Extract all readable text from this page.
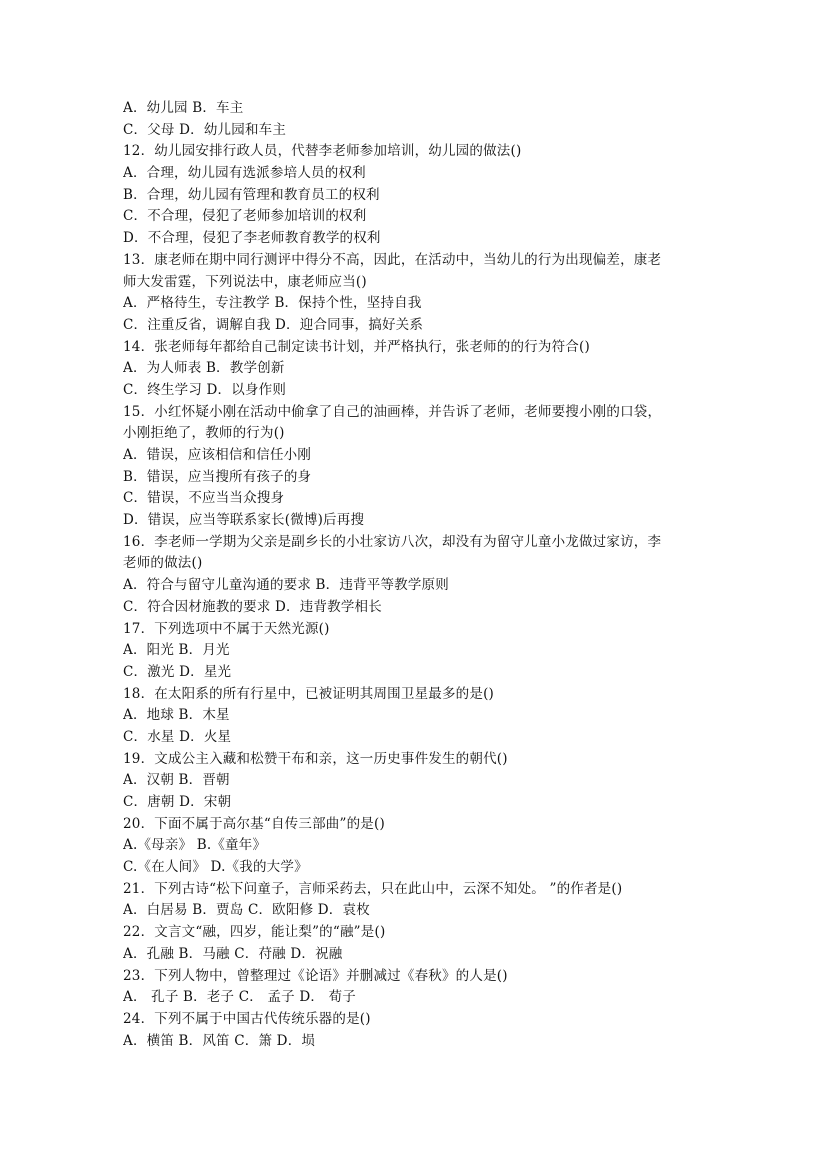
A．幼儿园 B．车主
C．父母 D．幼儿园和车主
12．幼儿园安排行政人员，代替李老师参加培训，幼儿园的做法()
A．合理，幼儿园有选派参培人员的权利
B．合理，幼儿园有管理和教育员工的权利
C．不合理，侵犯了老师参加培训的权利
D．不合理，侵犯了李老师教育教学的权利
13．康老师在期中同行测评中得分不高，因此，在活动中，当幼儿的行为出现偏差，康老
师大发雷霆，下列说法中，康老师应当()
A．严格待生，专注教学 B．保持个性，坚持自我
C．注重反省，调解自我 D．迎合同事，搞好关系
14．张老师每年都给自己制定读书计划，并严格执行，张老师的的行为符合()
A．为人师表 B．教学创新
C．终生学习 D．以身作则
15．小红怀疑小刚在活动中偷拿了自己的油画棒，并告诉了老师，老师要搜小刚的口袋，
小刚拒绝了，教师的行为()
A．错误，应该相信和信任小刚
B．错误，应当搜所有孩子的身
C．错误，不应当当众搜身
D．错误，应当等联系家长(微博)后再搜
16．李老师一学期为父亲是副乡长的小壮家访八次，却没有为留守儿童小龙做过家访，李
老师的做法()
A．符合与留守儿童沟通的要求 B．违背平等教学原则
C．符合因材施教的要求 D．违背教学相长
17．下列选项中不属于天然光源()
A．阳光 B．月光
C．激光 D．星光
18．在太阳系的所有行星中，已被证明其周围卫星最多的是()
A．地球 B．木星
C．水星 D．火星
19．文成公主入藏和松赞干布和亲，这一历史事件发生的朝代()
A．汉朝 B．晋朝
C．唐朝 D．宋朝
20．下面不属于高尔基“自传三部曲”的是()
A.《母亲》 B.《童年》
C.《在人间》 D.《我的大学》
21．下列古诗“松下问童子，言师采药去，只在此山中，云深不知处。 ”的作者是()
A．白居易 B．贾岛 C．欧阳修 D．袁枚
22．文言文“融，四岁，能让梨”的“融”是()
A．孔融 B．马融 C．苻融 D．祝融
23．下列人物中，曾整理过《论语》并删减过《春秋》的人是()
A． 孔子 B．老子 C． 孟子 D． 荀子
24．下列不属于中国古代传统乐器的是()
A．横笛 B．风笛 C．箫 D．埙
